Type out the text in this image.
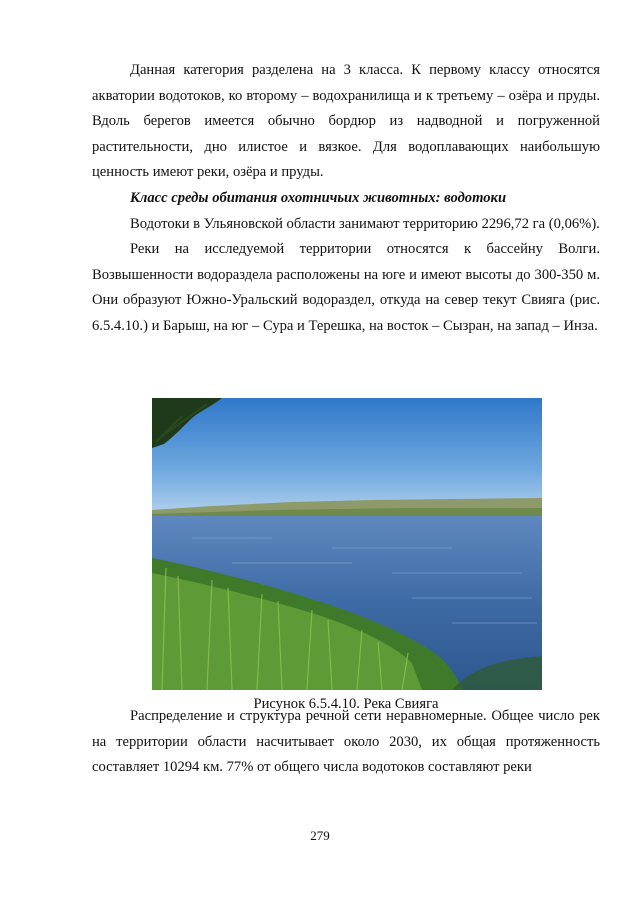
Данная категория разделена на 3 класса. К первому классу относятся акватории водотоков, ко второму – водохранилища и к третьему – озёра и пруды. Вдоль берегов имеется обычно бордюр из надводной и погруженной растительности, дно илистое и вязкое. Для водоплавающих наибольшую ценность имеют реки, озёра и пруды.

Класс среды обитания охотничьих животных: водотоки

Водотоки в Ульяновской области занимают территорию 2296,72 га (0,06%).

Реки на исследуемой территории относятся к бассейну Волги. Возвышенности водораздела распoложены на юге и имеют высоты до 300-350 м. Они образуют Южно-Уральский водораздел, откуда на север текут Свияга (рис. 6.5.4.10.) и Барыш, на юг – Сура и Терешка, на восток – Сызран, на запад – Инза.

Рисунок 6.5.4.10. Река Свияга

Распределение и структура речной сети неравномерные. Общее число рек на территории области насчитывает около 2030, их общая протяженность составляет 10294 км. 77% от общего числа водотоков составляют реки

279
